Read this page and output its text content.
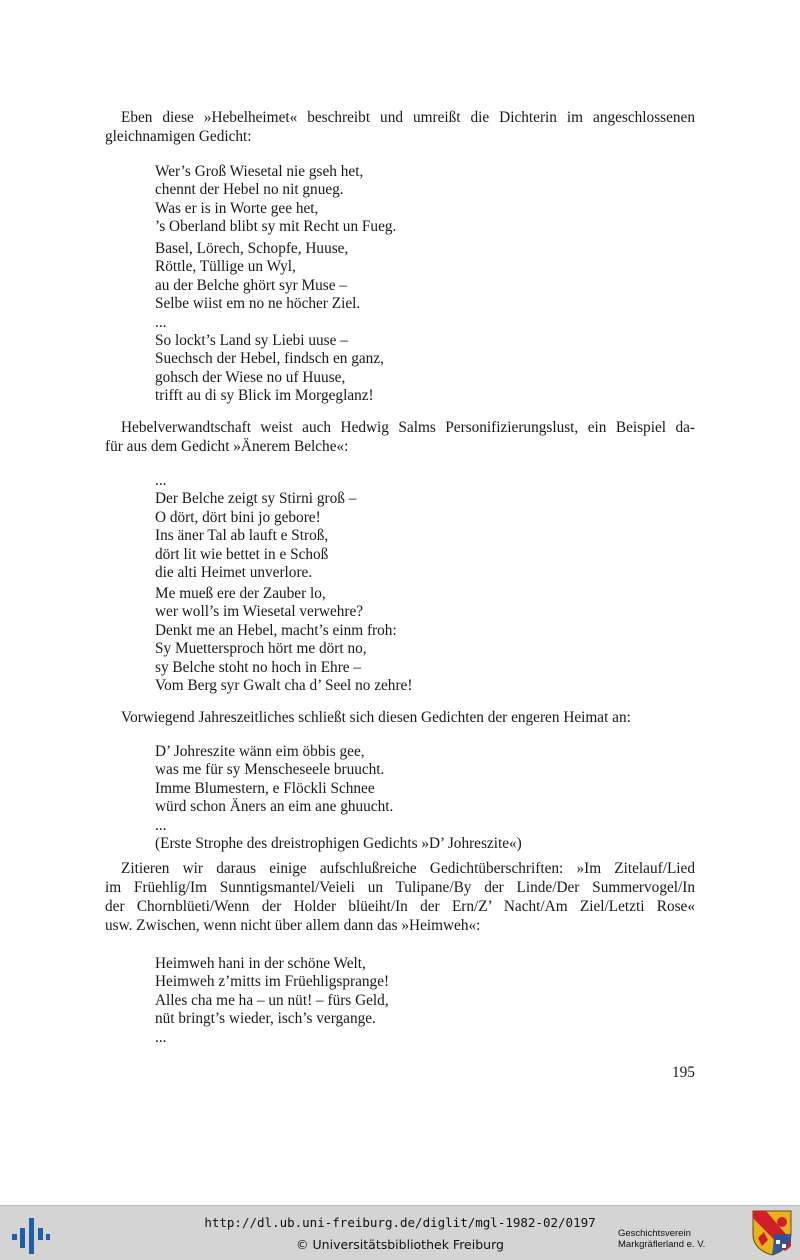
Eben diese »Hebelheimet« beschreibt und umreißt die Dichterin im angeschlossenen
gleichnamigen Gedicht:

Wer’s Groß Wiesetal nie gseh het,
chennt der Hebel no nit gnueg.
Was er is in Worte gee het,
’s Oberland blibt sy mit Recht un Fueg.
Basel, Lörech, Schopfe, Huuse,
Röttle, Tüllige un Wyl,
au der Belche ghört syr Muse –
Selbe wiist em no ne höcher Ziel.
...
So lockt’s Land sy Liebi uuse –
Suechsch der Hebel, findsch en ganz,
gohsch der Wiese no uf Huuse,
trifft au di sy Blick im Morgeglanz!

Hebelverwandtschaft weist auch Hedwig Salms Personifizierungslust, ein Beispiel da-
für aus dem Gedicht »Änerem Belche«:

...
Der Belche zeigt sy Stirni groß –
O dört, dört bini jo gebore!
Ins äner Tal ab lauft e Stroß,
dört lit wie bettet in e Schoß
die alti Heimet unverlore.
Me mueß ere der Zauber lo,
wer woll’s im Wiesetal verwehre?
Denkt me an Hebel, macht’s einm froh:
Sy Muettersproch hört me dört no,
sy Belche stoht no hoch in Ehre –
Vom Berg syr Gwalt cha d’ Seel no zehre!

Vorwiegend Jahreszeitliches schließt sich diesen Gedichten der engeren Heimat an:

D’ Johreszite wänn eim öbbis gee,
was me für sy Menscheseele bruucht.
Imme Blumestern, e Flöckli Schnee
würd schon Äners an eim ane ghuucht.
...
(Erste Strophe des dreistrophigen Gedichts »D’ Johreszite«)

Zitieren wir daraus einige aufschlußreiche Gedichtüberschriften: »Im Zitelauf/Lied
im Früehlig/Im Sunntigsmantel/Veieli un Tulipane/By der Linde/Der Summervogel/In
der Chornblüeti/Wenn der Holder blüeiht/In der Ern/Z’ Nacht/Am Ziel/Letzti Rose«
usw. Zwischen, wenn nicht über allem dann das »Heimweh«:

Heimweh hani in der schöne Welt,
Heimweh z’mitts im Früehligsprange!
Alles cha me ha – un nüt! – fürs Geld,
nüt bringt’s wieder, isch’s vergange.
...
195
http://dl.ub.uni-freiburg.de/diglit/mgl-1982-02/0197
© Universitätsbibliothek Freiburg
Geschichtsverein
Markgräflerland e. V.
